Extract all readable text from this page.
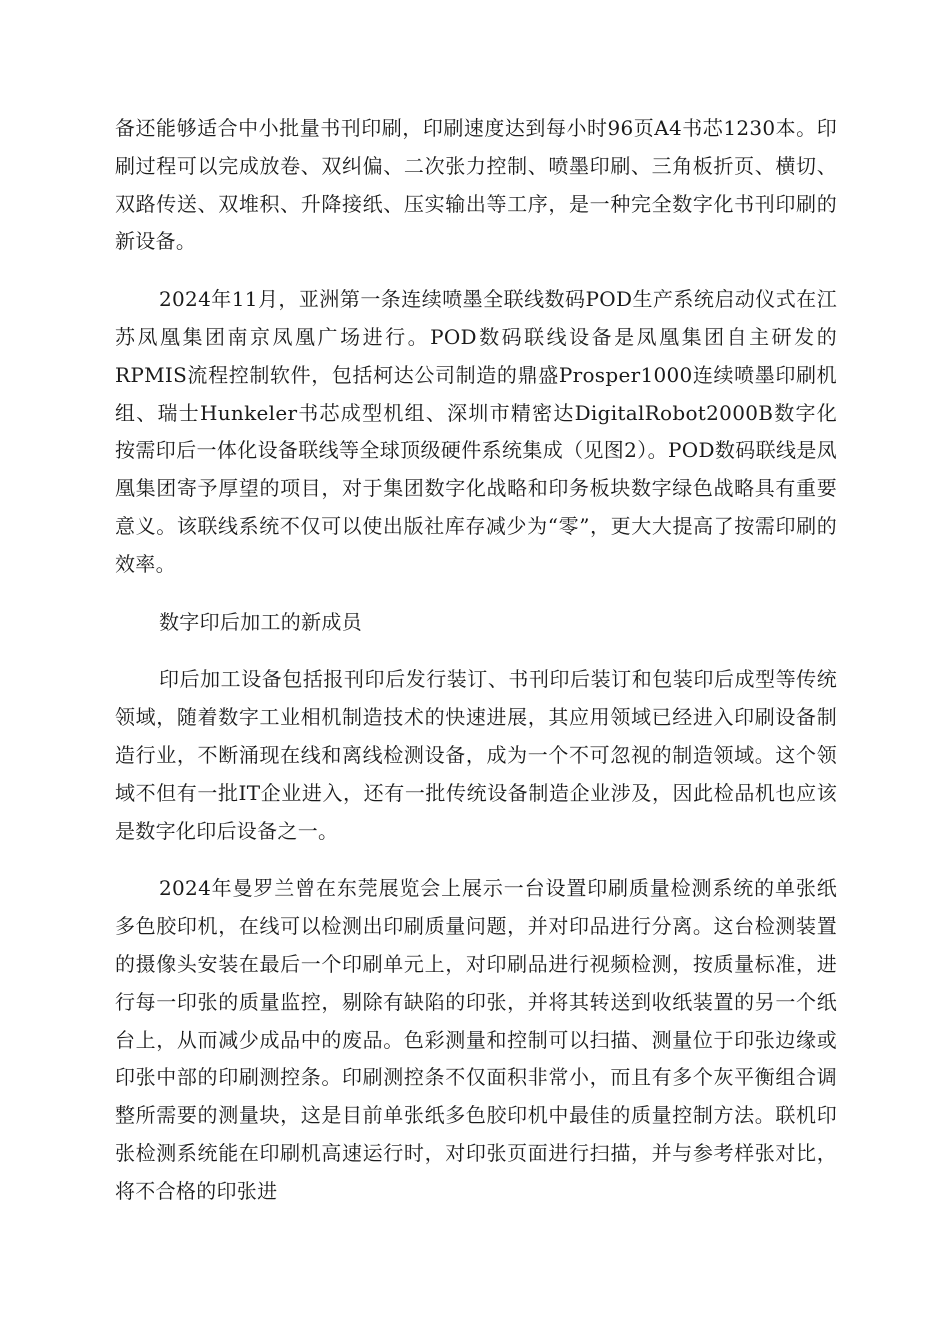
备还能够适合中小批量书刊印刷，印刷速度达到每小时96页A4书芯1230本。印刷过程可以完成放卷、双纠偏、二次张力控制、喷墨印刷、三角板折页、横切、双路传送、双堆积、升降接纸、压实输出等工序，是一种完全数字化书刊印刷的新设备。

2024年11月，亚洲第一条连续喷墨全联线数码POD生产系统启动仪式在江苏凤凰集团南京凤凰广场进行。POD数码联线设备是凤凰集团自主研发的RPMIS流程控制软件，包括柯达公司制造的鼎盛Prosper1000连续喷墨印刷机组、瑞士Hunkeler书芯成型机组、深圳市精密达DigitalRobot2000B数字化按需印后一体化设备联线等全球顶级硬件系统集成（见图2）。POD数码联线是凤凰集团寄予厚望的项目，对于集团数字化战略和印务板块数字绿色战略具有重要意义。该联线系统不仅可以使出版社库存减少为“零”，更大大提高了按需印刷的效率。

数字印后加工的新成员

印后加工设备包括报刊印后发行装订、书刊印后装订和包装印后成型等传统领域，随着数字工业相机制造技术的快速进展，其应用领域已经进入印刷设备制造行业，不断涌现在线和离线检测设备，成为一个不可忽视的制造领域。这个领域不但有一批IT企业进入，还有一批传统设备制造企业涉及，因此检品机也应该是数字化印后设备之一。

2024年曼罗兰曾在东莞展览会上展示一台设置印刷质量检测系统的单张纸多色胶印机，在线可以检测出印刷质量问题，并对印品进行分离。这台检测装置的摄像头安装在最后一个印刷单元上，对印刷品进行视频检测，按质量标准，进行每一印张的质量监控，剔除有缺陷的印张，并将其转送到收纸装置的另一个纸台上，从而减少成品中的废品。色彩测量和控制可以扫描、测量位于印张边缘或印张中部的印刷测控条。印刷测控条不仅面积非常小，而且有多个灰平衡组合调整所需要的测量块，这是目前单张纸多色胶印机中最佳的质量控制方法。联机印张检测系统能在印刷机高速运行时，对印张页面进行扫描，并与参考样张对比，将不合格的印张进
